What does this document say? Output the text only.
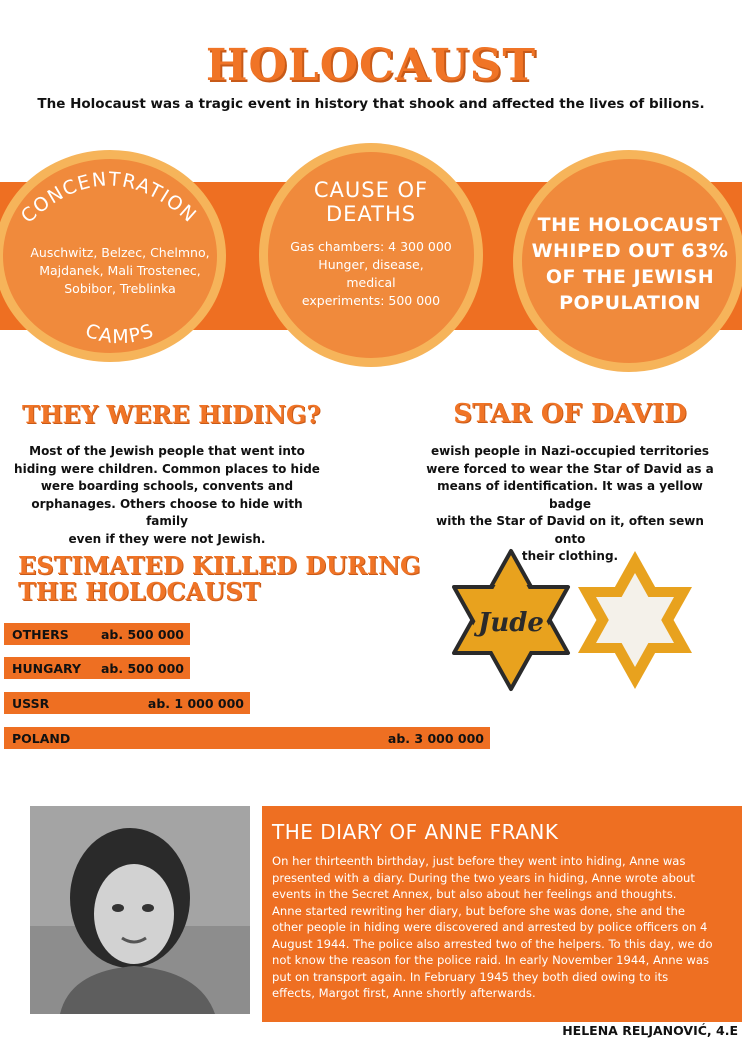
HOLOCAUST
The Holocaust was a tragic event in history that shook and affected the lives of bilions.
CONCENTRATION
Auschwitz, Belzec, Chelmno,
Majdanek, Mali Trostenec,
Sobibor, Treblinka
CAMPS
CAUSE OF
DEATHS
Gas chambers: 4 300 000
Hunger, disease,
medical
experiments: 500 000
THE HOLOCAUST
WHIPED OUT 63%
OF THE JEWISH
POPULATION
THEY WERE HIDING?
Most of the Jewish people that went into
hiding were children. Common places to hide
were boarding schools, convents and
orphanages. Others choose to hide with family
even if they were not Jewish.
STAR OF DAVID
ewish people in Nazi-occupied territories
were forced to wear the Star of David as a
means of identification. It was a yellow badge
with the Star of David on it, often sewn onto
their clothing.
ESTIMATED KILLED DURING
THE HOLOCAUST
OTHERS	ab. 500 000
HUNGARY ab. 500 000
USSR	ab. 1 000 000
POLAND	ab. 3 000 000
Jude
THE DIARY OF ANNE FRANK
On her thirteenth birthday, just before they went into hiding, Anne was
presented with a diary. During the two years in hiding, Anne wrote about
events in the Secret Annex, but also about her feelings and thoughts.
Anne started rewriting her diary, but before she was done, she and the
other people in hiding were discovered and arrested by police officers on 4
August 1944. The police also arrested two of the helpers. To this day, we do
not know the reason for the police raid. In early November 1944, Anne was
put on transport again. In February 1945 they both died owing to its
effects, Margot first, Anne shortly afterwards.
HELENA RELJANOVIĆ, 4.E
